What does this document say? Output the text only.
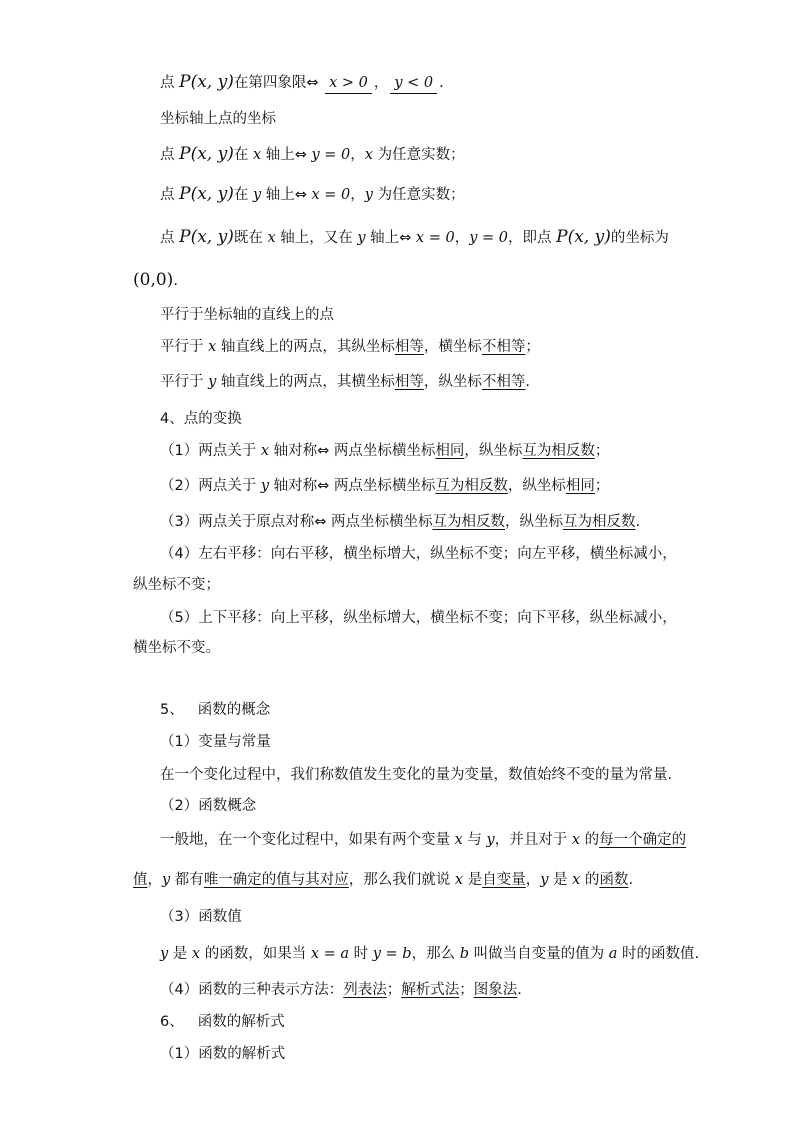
点 P(x, y)在第四象限⇔ x > 0 ， y < 0 .
坐标轴上点的坐标
点 P(x, y)在 x 轴上⇔ y = 0，x 为任意实数；
点 P(x, y)在 y 轴上⇔ x = 0，y 为任意实数；
点 P(x, y)既在 x 轴上，又在 y 轴上⇔ x = 0，y = 0，即点 P(x, y)的坐标为
(0,0).
平行于坐标轴的直线上的点
平行于 x 轴直线上的两点，其纵坐标相等，横坐标不相等；
平行于 y 轴直线上的两点，其横坐标相等，纵坐标不相等.
4、点的变换
（1）两点关于 x 轴对称⇔ 两点坐标横坐标相同，纵坐标互为相反数；
（2）两点关于 y 轴对称⇔ 两点坐标横坐标互为相反数，纵坐标相同；
（3）两点关于原点对称⇔ 两点坐标横坐标互为相反数，纵坐标互为相反数.
（4）左右平移：向右平移，横坐标增大，纵坐标不变；向左平移，横坐标减小，
纵坐标不变；
（5）上下平移：向上平移，纵坐标增大，横坐标不变；向下平移，纵坐标减小，
横坐标不变。
5、 函数的概念
（1）变量与常量
在一个变化过程中，我们称数值发生变化的量为变量，数值始终不变的量为常量.
（2）函数概念
一般地，在一个变化过程中，如果有两个变量 x 与 y，并且对于 x 的每一个确定的
值，y 都有唯一确定的值与其对应，那么我们就说 x 是自变量，y 是 x 的函数.
（3）函数值
y 是 x 的函数，如果当 x = a 时 y = b，那么 b 叫做当自变量的值为 a 时的函数值.
（4）函数的三种表示方法：列表法；解析式法；图象法.
6、 函数的解析式
（1）函数的解析式
